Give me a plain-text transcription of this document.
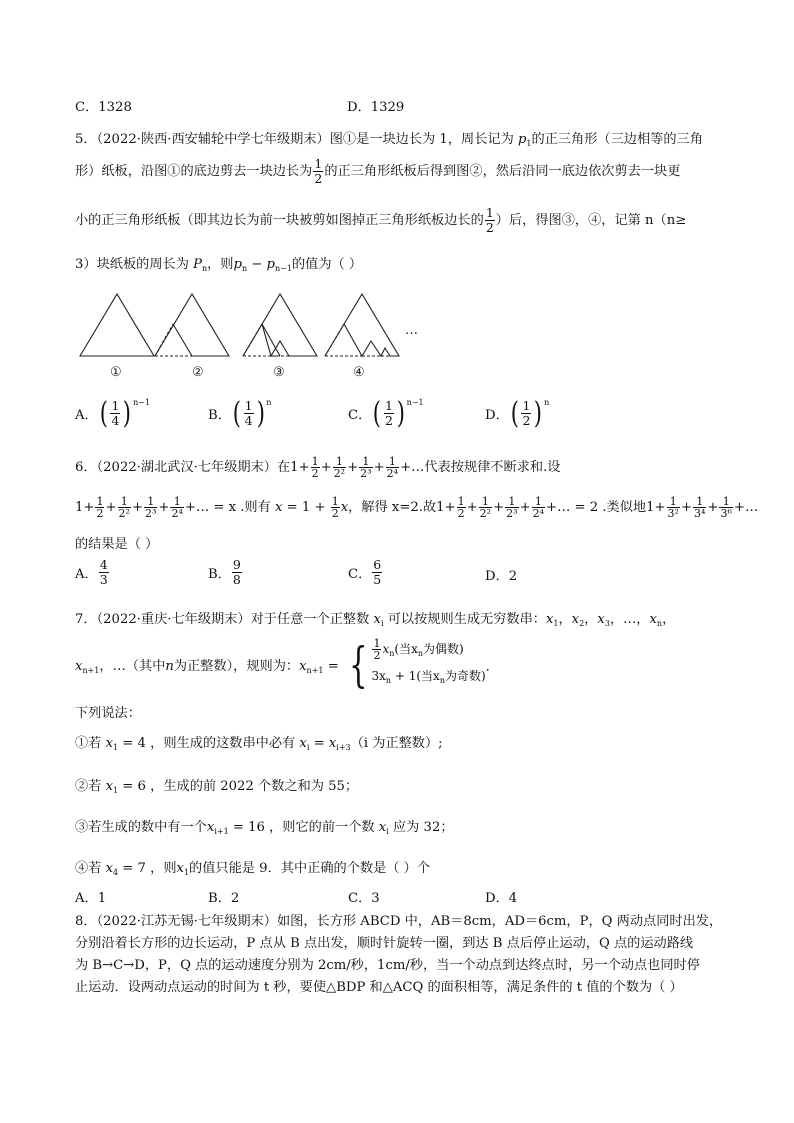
C．1328	D．1329
5．（2022·陕西·西安辅轮中学七年级期末）图①是一块边长为 1，周长记为 $p_1$的正三角形（三边相等的三角
形）纸板，沿图①的底边剪去一块边长为 $\frac{1}{2}$ 的正三角形纸板后得到图②，然后沿同一底边依次剪去一块更
小的正三角形纸板（即其边长为前一块被剪如图掉正三角形纸板边长的 $\frac{1}{2}$ ）后，得图③，④，记第 n（n≥
3）块纸板的周长为 $P_n$，则$p_n - p_{n-1}$的值为（ ）
…
①	②	③	④
A．( $\frac{1}{4}$ ) $^{n-1}$
B．( $\frac{1}{4}$ ) $^n$
C．( $\frac{1}{2}$ ) $^{n-1}$
D．( $\frac{1}{2}$ ) $^n$
6．（2022·湖北武汉·七年级期末）在$1+ \frac{1}{2} + \frac{1}{\text{2²}} + \frac{1}{\text{2³}} + \frac{1}{\text{2⁴}}$ +…代表按规律不断求和.设
$1+ \frac{1}{2} + \frac{1}{\text{2²}} + \frac{1}{\text{2³}} + \frac{1}{\text{2⁴}}$ +… = x .则有 $x = 1 + \frac{1}{2}$ x，解得 x=2.故$1+ \frac{1}{2} + \frac{1}{\text{2²}} + \frac{1}{\text{2³}} + \frac{1}{\text{2⁴}}$ +… = 2 .类似地$1+ \frac{1}{\text{3²}} + \frac{1}{\text{3⁴}} + \frac{1}{\text{3⁶}}$ +…
的结果是（ ）
A． $\frac{4}{3}$	B． $\frac{9}{8}$	C． $\frac{6}{5}$	D．2
7．（2022·重庆·七年级期末）对于任意一个正整数 $x_i$ 可以按规则生成无穷数串：$x_1$，$x_2$，$x_3$，…，$x_n$，
$x_{n+1}$，…（其中n为正整数），规则为：$x_{n+1}$ = { $\frac{1}{2} x_n$(当$x_n$为偶数)
$3x_n + 1$(当$x_n$为奇数)
．
下列说法：
①若 $x_1 = 4$ ，则生成的这数串中必有 $x_i = x_{i+3}(i$ 为正整数）;
②若 $x_1 = 6$ ，生成的前 2022 个数之和为 55；
③若生成的数中有一个$x_{i+1} = 16$ ，则它的前一个数 $x_i$ 应为 32；
④若 $x_4 = 7$ ，则$x_1$的值只能是 9．其中正确的个数是（ ）个
A．1	B．2	C．3	D．4
8．（2022·江苏无锡·七年级期末）如图，长方形 ABCD 中，AB＝8cm，AD＝6cm，P，Q 两动点同时出发，
分别沿着长方形的边长运动，P 点从 B 点出发，顺时针旋转一圈，到达 B 点后停止运动，Q 点的运动路线
为 B→C→D，P，Q 点的运动速度分别为 2cm/秒，1cm/秒，当一个动点到达终点时，另一个动点也同时停
止运动．设两动点运动的时间为 t 秒，要使△BDP 和△ACQ 的面积相等，满足条件的 t 值的个数为（ ）
